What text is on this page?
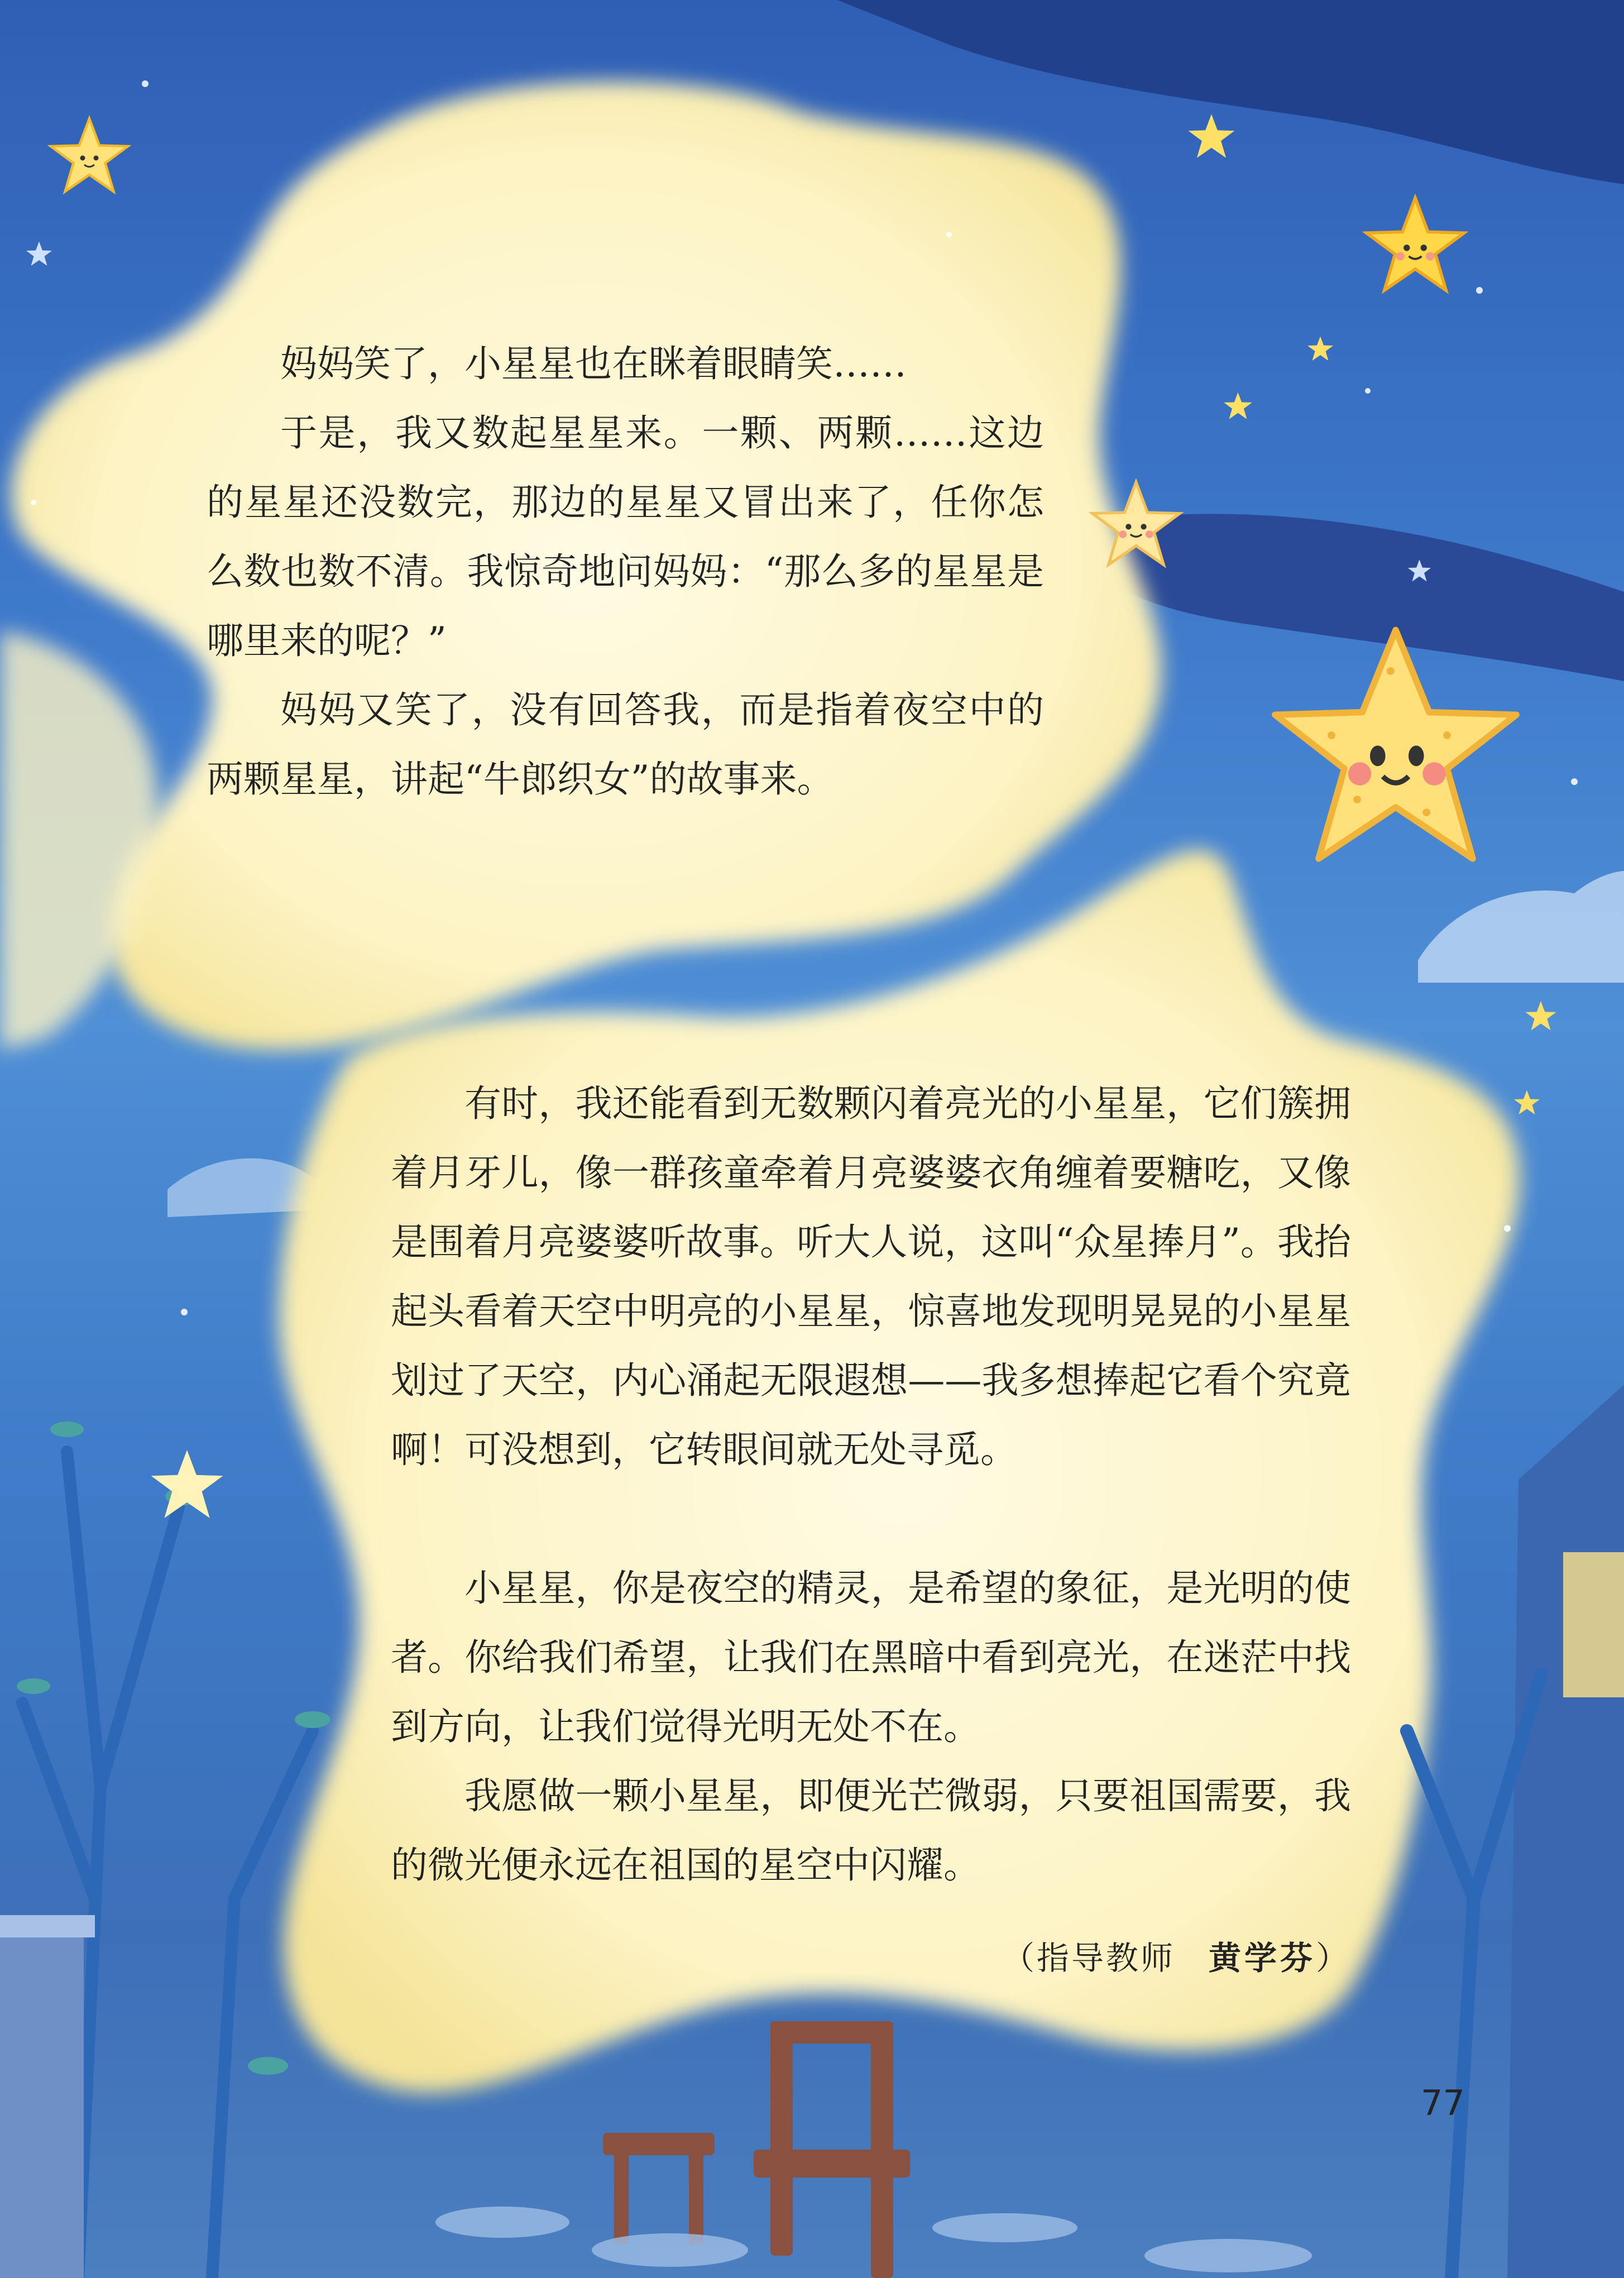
妈妈笑了，小星星也在眯着眼睛笑……

于是，我又数起星星来。一颗、两颗……这边的星星还没数完，那边的星星又冒出来了，任你怎么数也数不清。我惊奇地问妈妈：“那么多的星星是哪里来的呢？”

妈妈又笑了，没有回答我，而是指着夜空中的两颗星星，讲起“牛郎织女”的故事来。

有时，我还能看到无数颗闪着亮光的小星星，它们簇拥着月牙儿，像一群孩童牵着月亮婆婆衣角缠着要糖吃，又像是围着月亮婆婆听故事。听大人说，这叫“众星捧月”。我抬起头看着天空中明亮的小星星，惊喜地发现明晃晃的小星星划过了天空，内心涌起无限遐想——我多想捧起它看个究竟啊！可没想到，它转眼间就无处寻觅。

小星星，你是夜空的精灵，是希望的象征，是光明的使者。你给我们希望，让我们在黑暗中看到亮光，在迷茫中找到方向，让我们觉得光明无处不在。

我愿做一颗小星星，即便光芒微弱，只要祖国需要，我的微光便永远在祖国的星空中闪耀。

（指导教师 黄学芬）

77
